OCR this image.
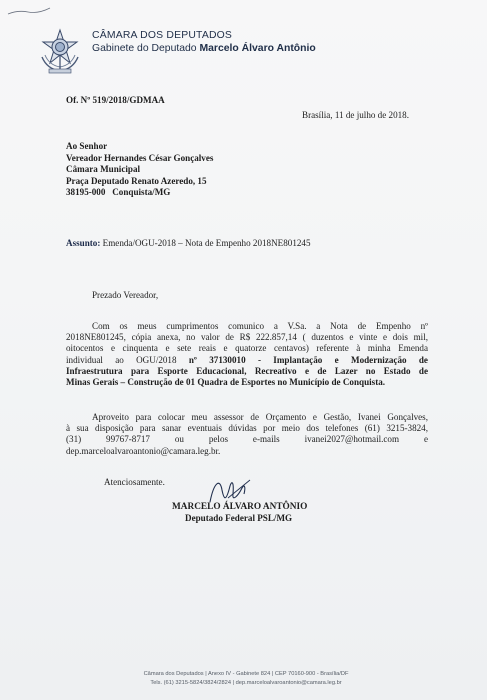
CÂMARA DOS DEPUTADOS
Gabinete do Deputado Marcelo Álvaro Antônio
Of. Nº 519/2018/GDMAA
Brasília, 11 de julho de 2018.
Ao Senhor
Vereador Hernandes César Gonçalves
Câmara Municipal
Praça Deputado Renato Azeredo, 15
38195-000 Conquista/MG
Assunto: Emenda/OGU-2018 – Nota de Empenho 2018NE801245
Prezado Vereador,
Com os meus cumprimentos comunico a V.Sa. a Nota de Empenho nº
2018NE801245, cópia anexa, no valor de R$ 222.857,14 ( duzentos e vinte e dois mil,
oitocentos e cinquenta e sete reais e quatorze centavos) referente à minha Emenda
individual ao OGU/2018 nº 37130010 - Implantação e Modernização de
Infraestrutura para Esporte Educacional, Recreativo e de Lazer no Estado de
Minas Gerais – Construção de 01 Quadra de Esportes no Município de Conquista.
Aproveito para colocar meu assessor de Orçamento e Gestão, Ivanei Gonçalves,
à sua disposição para sanar eventuais dúvidas por meio dos telefones (61) 3215-3824,
(31)	99767-8717	ou	pelos	e-mails	ivanei2027@hotmail.com	e
dep.marceloalvaroantonio@camara.leg.br.
Atenciosamente.
MARCELO ÁLVARO ANTÔNIO
Deputado Federal PSL/MG
Câmara dos Deputados | Anexo IV - Gabinete 824 | CEP 70160-900 - Brasília/DF
Tels. (61) 3215-5824/3824/2824 | dep.marceloalvaroantonio@camara.leg.br
